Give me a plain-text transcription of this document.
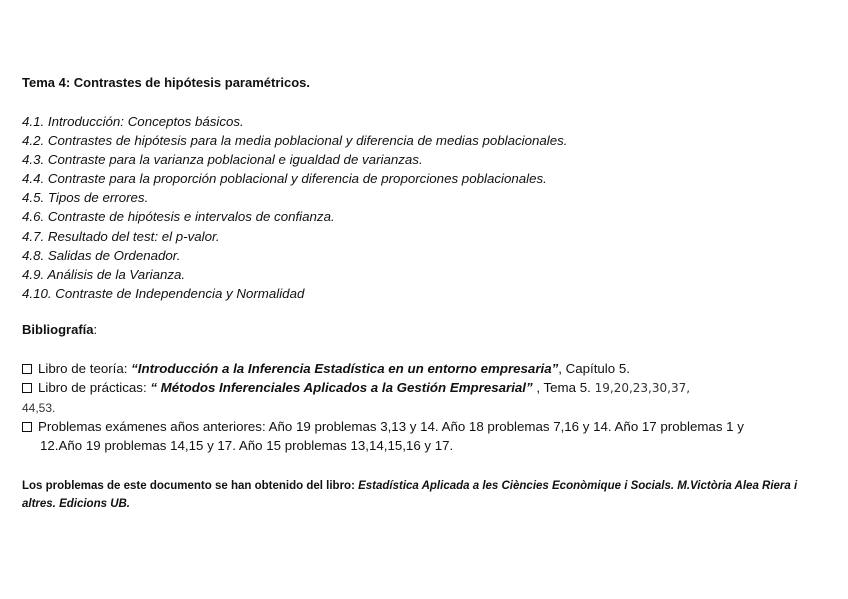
Tema 4: Contrastes de hipótesis paramétricos.
4.1. Introducción: Conceptos básicos.
4.2. Contrastes de hipótesis para la media poblacional y diferencia de medias poblacionales.
4.3. Contraste para la varianza poblacional e igualdad de varianzas.
4.4. Contraste para la proporción poblacional y diferencia de proporciones poblacionales.
4.5. Tipos de errores.
4.6. Contraste de hipótesis e intervalos de confianza.
4.7. Resultado del test: el p-valor.
4.8. Salidas de Ordenador.
4.9. Análisis de la Varianza.
4.10. Contraste de Independencia y Normalidad
Bibliografía:
Libro de teoría: “Introducción a la Inferencia Estadística en un entorno empresaria”, Capítulo 5.
Libro de prácticas: “ Métodos Inferenciales Aplicados a la Gestión Empresarial” , Tema 5. 19,20,23,30,37,
44,53.
Problemas exámenes años anteriores: Año 19 problemas 3,13 y 14. Año 18 problemas 7,16 y 14. Año 17 problemas 1 y
12.Año 19 problemas 14,15 y 17. Año 15 problemas 13,14,15,16 y 17.
Los problemas de este documento se han obtenido del libro: Estadística Aplicada a les Ciències Econòmique i Socials. M.Victòria Alea Riera i altres. Edicions UB.
